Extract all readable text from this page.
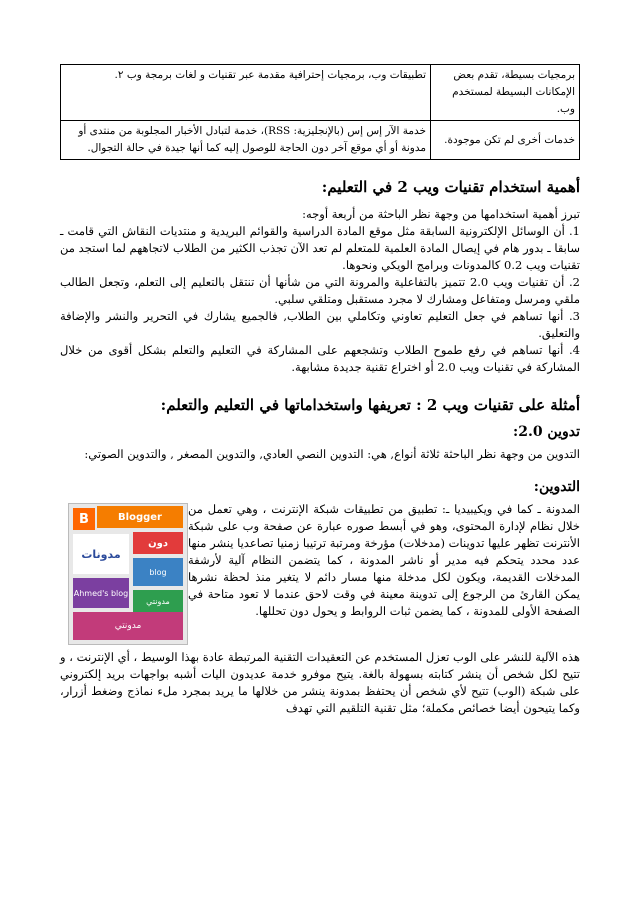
برمجيات بسيطة، تقدم بعض الإمكانات البسيطة لمستخدم وب.	تطبيقات وب، برمجيات إحترافية مقدمة عبر تقنيات و لغات برمجة وب ٢.
خدمات أخرى لم تكن موجودة.	خدمة الآر إس إس (بالإنجليزية: RSS)، خدمة لتبادل الأخبار المجلوبة من منتدى أو مدونة أو أي موقع آخر دون الحاجة للوصول إليه كما أنها جيدة في حالة التجوال.
أهمية استخدام تقنيات ويب 2 في التعليم:

تبرز أهمية استخدامها من وجهة نظر الباحثة من أربعة أوجه:

1. أن الوسائل الإلكترونية السابقة مثل موقع المادة الدراسية والقوائم البريدية و منتديات النقاش التي قامت ـ سابقا ـ بدور هام في إيصال المادة العلمية للمتعلم لم تعد الآن تجذب الكثير من الطلاب لاتجاههم لما استجد من تقنيات ويب 0.2 كالمدونات وبرامج الويكي ونحوها.

2. أن تقنيات ويب 2.0 تتميز بالتفاعلية والمرونة التي من شأنها أن تنتقل بالتعليم إلى التعلم، وتجعل الطالب ملقي ومرسل ومتفاعل ومشارك لا مجرد مستقبل ومتلقي سلبي.

3. أنها تساهم في جعل التعليم تعاوني وتكاملي بين الطلاب, فالجميع يشارك في التحرير والنشر والإضافة والتعليق.

4. أنها تساهم في رفع طموح الطلاب وتشجعهم على المشاركة في التعليم والتعلم بشكل أقوى من خلال المشاركة في تقنيات ويب 2.0 أو اختراع تقنية جديدة مشابهة.

أمثلة على تقنيات ويب 2 : تعريفها واستخداماتها في التعليم والتعلم:
تدوين 2.0:

التدوين من وجهة نظر الباحثة ثلاثة أنواع, هي: التدوين النصي العادي, والتدوين المصغر , والتدوين الصوتي:

التدوين:
Blogger
B
مدونات
دون
blog
Ahmed's blog
مدونتي
مدونتي

المدونة ـ كما في ويكيبيديا ـ: تطبيق من تطبيقات شبكة الإنترنت ، وهي تعمل من خلال نظام لإدارة المحتوى، وهو في أبسط صوره عبارة عن صفحة وب على شبكة الأنترنت تظهر عليها تدوينات (مدخلات) مؤرخة ومرتبة ترتيبا زمنيا تصاعديا ينشر منها عدد محدد يتحكم فيه مدير أو ناشر المدونة ، كما يتضمن النظام آلية لأرشفة المدخلات القديمة، ويكون لكل مدخلة منها مسار دائم لا يتغير منذ لحظة نشرها يمكن القارئ من الرجوع إلى تدوينة معينة في وقت لاحق عندما لا تعود متاحة في الصفحة الأولى للمدونة ، كما يضمن ثبات الروابط و يحول دون تحللها.

هذه الآلية للنشر على الوب تعزل المستخدم عن التعقيدات التقنية المرتبطة عادة بهذا الوسيط ، أي الإنترنت ، و تتيح لكل شخص أن ينشر كتابته بسهولة بالغة. يتيح موفرو خدمة عديدون اليات أشبه بواجهات بريد إلكتروني على شبكة (الوب) تتيح لأي شخص أن يحتفظ بمدونة ينشر من خلالها ما يريد بمجرد ملء نماذج وضغط أزرار، وكما يتيحون أيضا خصائص مكملة؛ مثل تقنية التلقيم التي تهدف
